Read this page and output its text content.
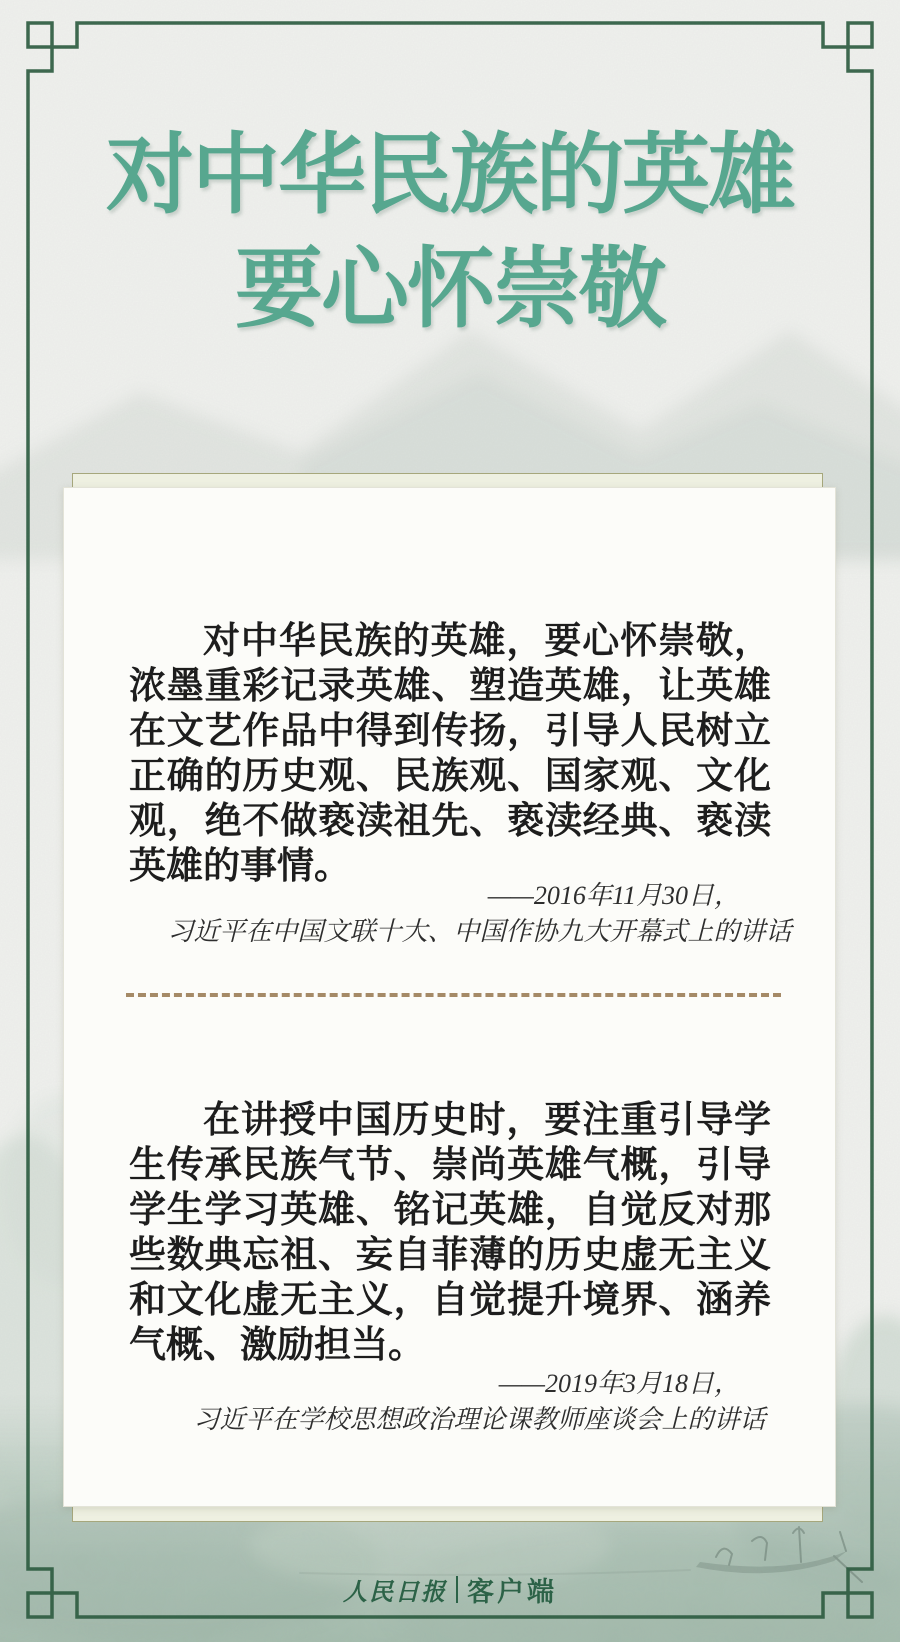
对中华民族的英雄
要心怀崇敬

对中华民族的英雄，要心怀崇敬，浓墨重彩记录英雄、塑造英雄，让英雄在文艺作品中得到传扬，引导人民树立正确的历史观、民族观、国家观、文化观，绝不做亵渎祖先、亵渎经典、亵渎英雄的事情。

——2016年11月30日，
习近平在中国文联十大、中国作协九大开幕式上的讲话

在讲授中国历史时，要注重引导学生传承民族气节、崇尚英雄气概，引导学生学习英雄、铭记英雄，自觉反对那些数典忘祖、妄自菲薄的历史虚无主义和文化虚无主义，自觉提升境界、涵养气概、激励担当。

——2019年3月18日，
习近平在学校思想政治理论课教师座谈会上的讲话
人民日报 客户端
